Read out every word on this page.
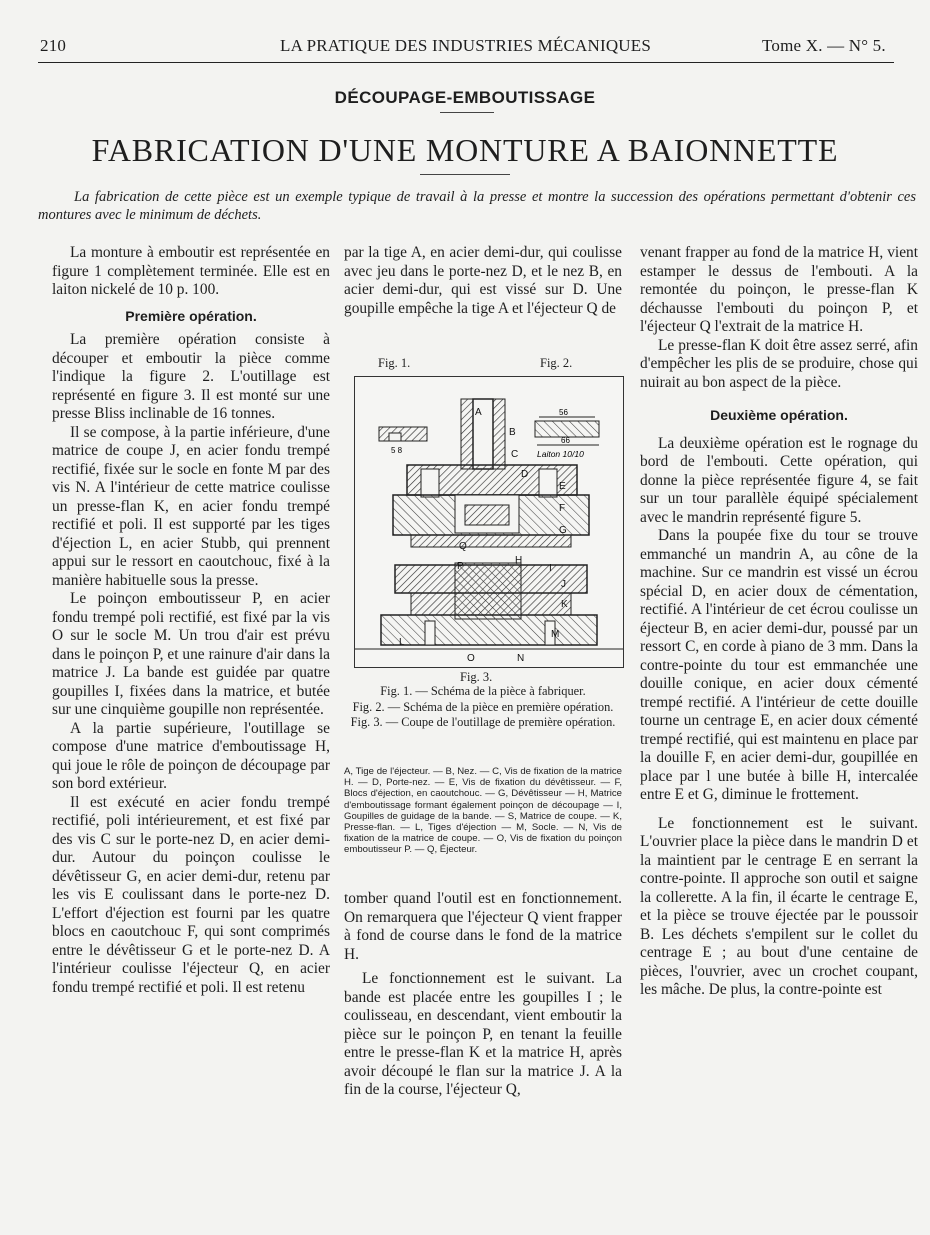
210	LA PRATIQUE DES INDUSTRIES MÉCANIQUES	Tome X. — N° 5.
DÉCOUPAGE-EMBOUTISSAGE
FABRICATION D'UNE MONTURE A BAIONNETTE
La fabrication de cette pièce est un exemple typique de travail à la presse et montre la succession des opérations permettant d'obtenir ces montures avec le minimum de déchets.

La monture à emboutir est représentée en figure 1 complètement terminée. Elle est en laiton nickelé de 10 p. 100.

Première opération.

La première opération consiste à découper et emboutir la pièce comme l'indique la figure 2. L'outillage est représenté en figure 3. Il est monté sur une presse Bliss inclinable de 16 tonnes.

Il se compose, à la partie inférieure, d'une matrice de coupe J, en acier fondu trempé rectifié, fixée sur le socle en fonte M par des vis N. A l'intérieur de cette matrice coulisse un presse-flan K, en acier fondu trempé rectifié et poli. Il est supporté par les tiges d'éjection L, en acier Stubb, qui prennent appui sur le ressort en caoutchouc, fixé à la manière habituelle sous la presse.

Le poinçon emboutisseur P, en acier fondu trempé poli rectifié, est fixé par la vis O sur le socle M. Un trou d'air est prévu dans le poinçon P, et une rainure d'air dans la matrice J. La bande est guidée par quatre goupilles I, fixées dans la matrice, et butée sur une cinquième goupille non représentée.

A la partie supérieure, l'outillage se compose d'une matrice d'emboutissage H, qui joue le rôle de poinçon de découpage par son bord extérieur.

Il est exécuté en acier fondu trempé rectifié, poli intérieurement, et est fixé par des vis C sur le porte-nez D, en acier demi-dur. Autour du poinçon coulisse le dévêtisseur G, en acier demi-dur, retenu par les vis E coulissant dans le porte-nez D. L'effort d'éjection est fourni par les quatre blocs en caoutchouc F, qui sont comprimés entre le dévêtisseur G et le porte-nez D. A l'intérieur coulisse l'éjecteur Q, en acier fondu trempé rectifié et poli. Il est retenu

par la tige A, en acier demi-dur, qui coulisse avec jeu dans le porte-nez D, et le nez B, en acier demi-dur, qui est vissé sur D. Une goupille empêche la tige A et l'éjecteur Q de

Fig. 1.	Fig. 2.
5 8
56
66
Laiton 10/10
A
B
C
D
E
F
G
H
I
J
K
L
M
N
O
P
Q
Fig. 3.
Fig. 1. — Schéma de la pièce à fabriquer.
Fig. 2. — Schéma de la pièce en première opération.
Fig. 3. — Coupe de l'outillage de première opération.
A, Tige de l'éjecteur. — B, Nez. — C, Vis de fixation de la matrice H. — D, Porte-nez. — E, Vis de fixation du dévêtisseur. — F, Blocs d'éjection, en caoutchouc. — G, Dévêtisseur — H, Matrice d'emboutissage formant également poinçon de découpage — I, Goupilles de guidage de la bande. — S, Matrice de coupe. — K, Presse-flan. — L, Tiges d'éjection — M, Socle. — N, Vis de fixation de la matrice de coupe. — O, Vis de fixation du poinçon emboutisseur P. — Q, Éjecteur.

tomber quand l'outil est en fonctionnement. On remarquera que l'éjecteur Q vient frapper à fond de course dans le fond de la matrice H.

Le fonctionnement est le suivant. La bande est placée entre les goupilles I ; le coulisseau, en descendant, vient emboutir la pièce sur le poinçon P, en tenant la feuille entre le presse-flan K et la matrice H, après avoir découpé le flan sur la matrice J. A la fin de la course, l'éjecteur Q,

venant frapper au fond de la matrice H, vient estamper le dessus de l'embouti. A la remontée du poinçon, le presse-flan K déchausse l'embouti du poinçon P, et l'éjecteur Q l'extrait de la matrice H.

Le presse-flan K doit être assez serré, afin d'empêcher les plis de se produire, chose qui nuirait au bon aspect de la pièce.

Deuxième opération.

La deuxième opération est le rognage du bord de l'embouti. Cette opération, qui donne la pièce représentée figure 4, se fait sur un tour parallèle équipé spécialement avec le mandrin représenté figure 5.

Dans la poupée fixe du tour se trouve emmanché un mandrin A, au cône de la machine. Sur ce mandrin est vissé un écrou spécial D, en acier doux de cémentation, rectifié. A l'intérieur de cet écrou coulisse un éjecteur B, en acier demi-dur, poussé par un ressort C, en corde à piano de 3 mm. Dans la contre-pointe du tour est emmanchée une douille conique, en acier doux cémenté trempé rectifié. A l'intérieur de cette douille tourne un centrage E, en acier doux cémenté trempé rectifié, qui est maintenu en place par la douille F, en acier demi-dur, goupillée en place par l une butée à bille H, intercalée entre E et G, diminue le frottement.

Le fonctionnement est le suivant. L'ouvrier place la pièce dans le mandrin D et la maintient par le centrage E en serrant la contre-pointe. Il approche son outil et saigne la collerette. A la fin, il écarte le centrage E, et la pièce se trouve éjectée par le poussoir B. Les déchets s'empilent sur le collet du centrage E ; au bout d'une centaine de pièces, l'ouvrier, avec un crochet coupant, les mâche. De plus, la contre-pointe est
